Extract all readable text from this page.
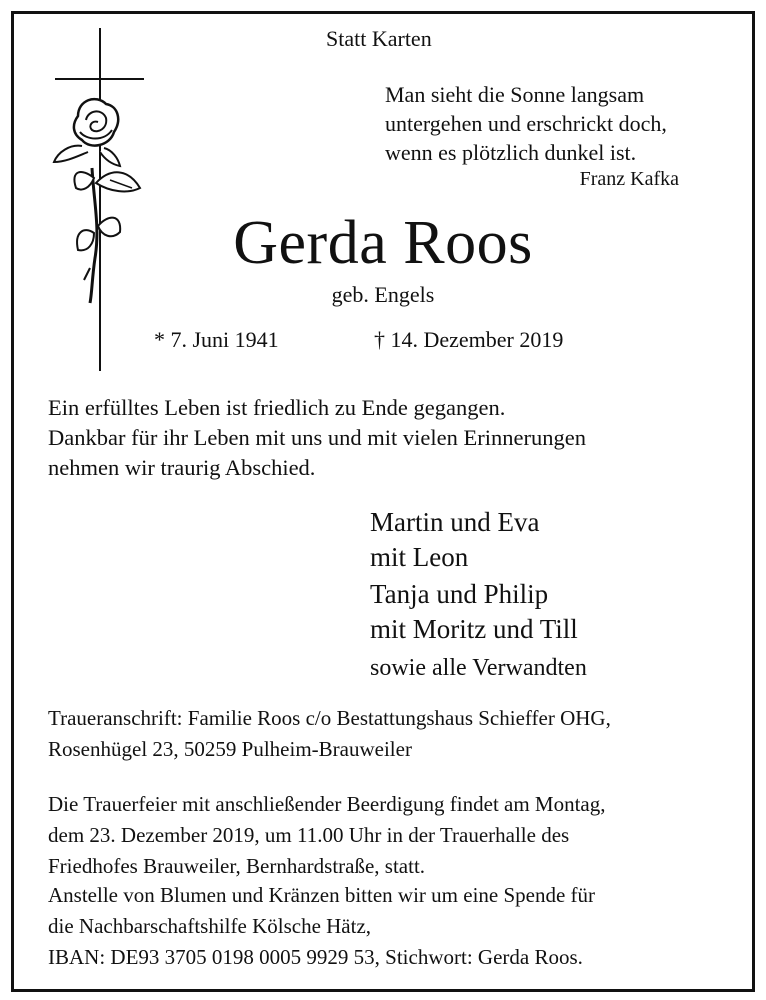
Statt Karten
Man sieht die Sonne langsam
untergehen und erschrickt doch,
wenn es plötzlich dunkel ist.
Franz Kafka
Gerda Roos
geb. Engels
* 7. Juni 1941	† 14. Dezember 2019
Ein erfülltes Leben ist friedlich zu Ende gegangen.
Dankbar für ihr Leben mit uns und mit vielen Erinnerungen
nehmen wir traurig Abschied.
Martin und Eva
mit Leon
Tanja und Philip
mit Moritz und Till
sowie alle Verwandten
Traueranschrift: Familie Roos c/o Bestattungshaus Schieffer OHG,
Rosenhügel 23, 50259 Pulheim-Brauweiler
Die Trauerfeier mit anschließender Beerdigung findet am Montag,
dem 23. Dezember 2019, um 11.00 Uhr in der Trauerhalle des
Friedhofes Brauweiler, Bernhardstraße, statt.
Anstelle von Blumen und Kränzen bitten wir um eine Spende für
die Nachbarschaftshilfe Kölsche Hätz,
IBAN: DE93 3705 0198 0005 9929 53, Stichwort: Gerda Roos.
